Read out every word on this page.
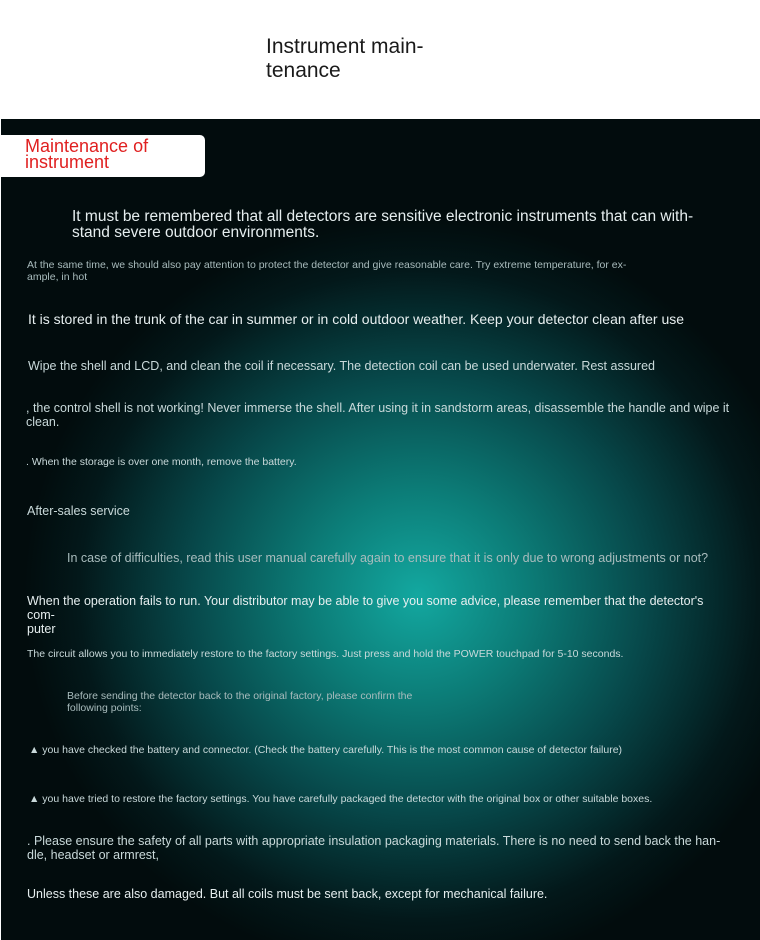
Instrument main-
tenance
Maintenance of
instrument
It must be remembered that all detectors are sensitive electronic instruments that can with-
stand severe outdoor environments.
At the same time, we should also pay attention to protect the detector and give reasonable care. Try extreme temperature, for ex-
ample, in hot
It is stored in the trunk of the car in summer or in cold outdoor weather. Keep your detector clean after use
Wipe the shell and LCD, and clean the coil if necessary. The detection coil can be used underwater. Rest assured
, the control shell is not working! Never immerse the shell. After using it in sandstorm areas, disassemble the handle and wipe it
clean.
. When the storage is over one month, remove the battery.
After-sales service
In case of difficulties, read this user manual carefully again to ensure that it is only due to wrong adjustments or not?
When the operation fails to run. Your distributor may be able to give you some advice, please remember that the detector's com-
puter
The circuit allows you to immediately restore to the factory settings. Just press and hold the POWER touchpad for 5-10 seconds.
Before sending the detector back to the original factory, please confirm the
following points:
▲ you have checked the battery and connector. (Check the battery carefully. This is the most common cause of detector failure)
▲ you have tried to restore the factory settings. You have carefully packaged the detector with the original box or other suitable boxes.
. Please ensure the safety of all parts with appropriate insulation packaging materials. There is no need to send back the han-
dle, headset or armrest,
Unless these are also damaged. But all coils must be sent back, except for mechanical failure.
